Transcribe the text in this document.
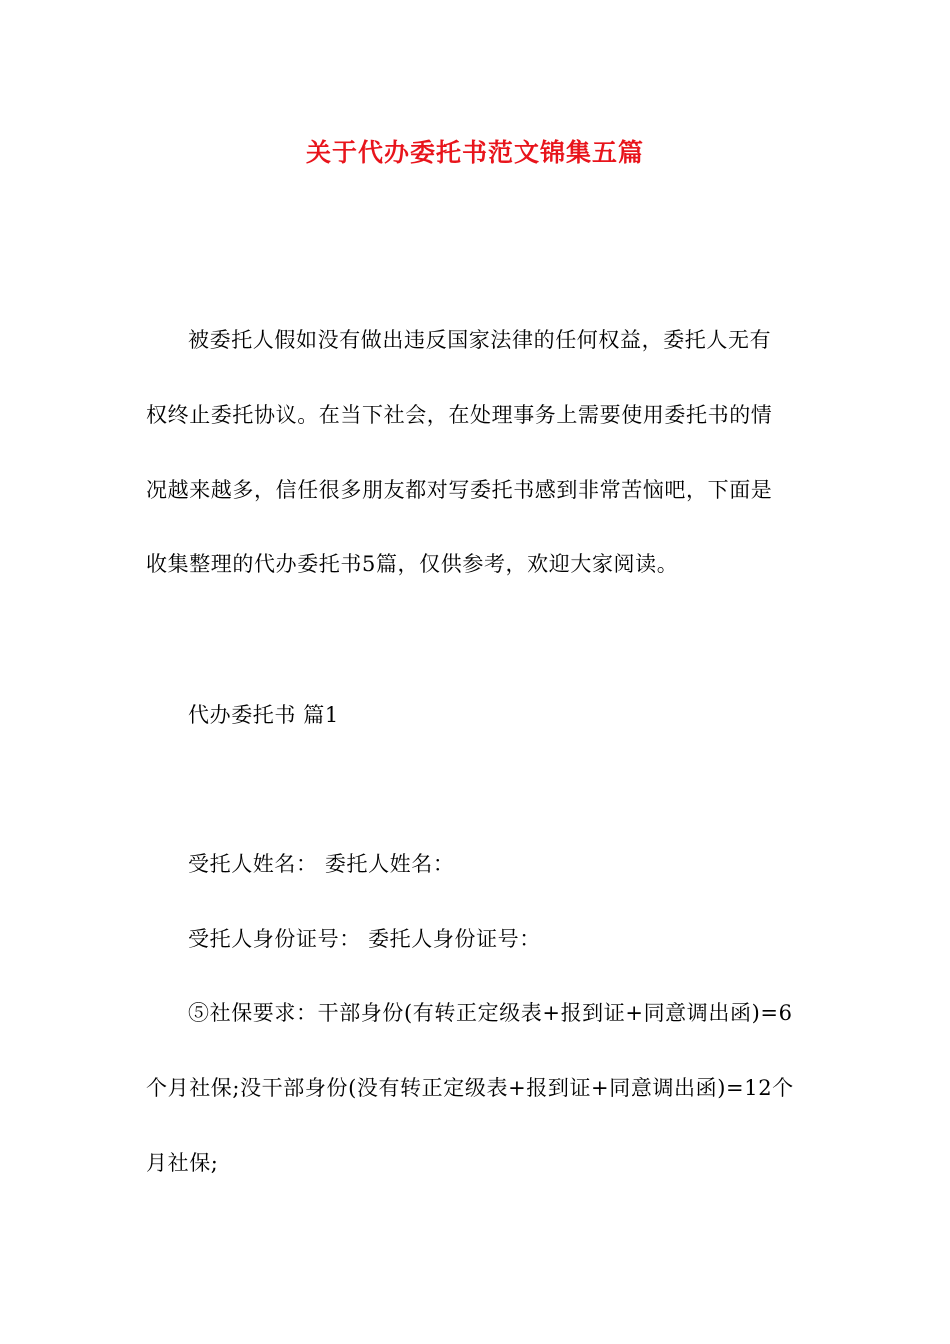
关于代办委托书范文锦集五篇
被委托人假如没有做出违反国家法律的任何权益，委托人无有
权终止委托协议。在当下社会，在处理事务上需要使用委托书的情
况越来越多，信任很多朋友都对写委托书感到非常苦恼吧，下面是
收集整理的代办委托书5篇，仅供参考，欢迎大家阅读。
代办委托书 篇1
受托人姓名： 委托人姓名：
受托人身份证号： 委托人身份证号：
⑤社保要求：干部身份(有转正定级表+报到证+同意调出函)=6
个月社保;没干部身份(没有转正定级表+报到证+同意调出函)=12个
月社保;
